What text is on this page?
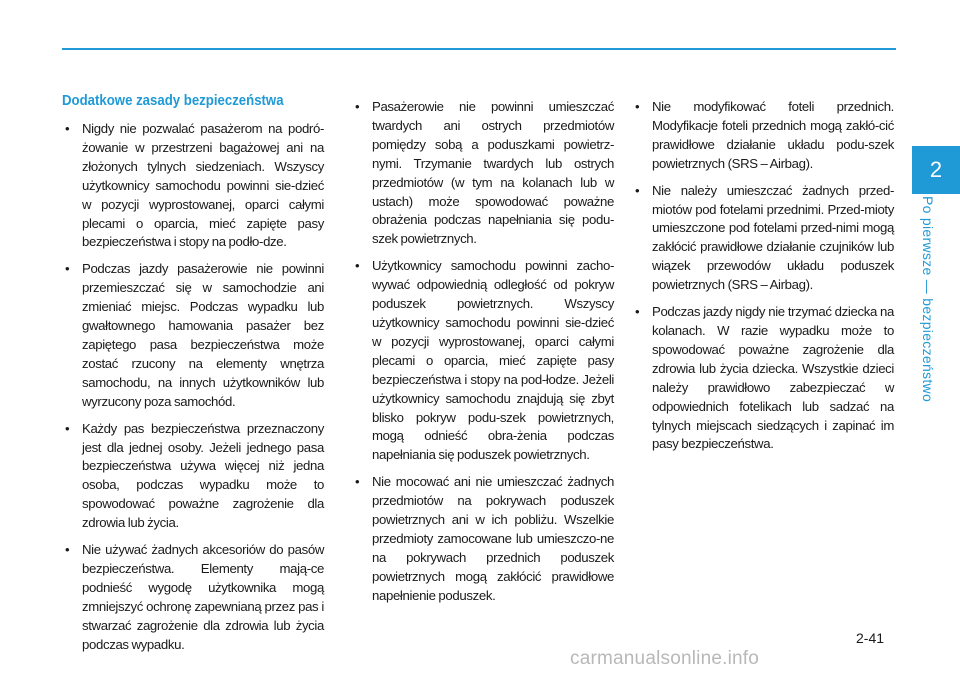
Dodatkowe zasady bezpieczeństwa
• Nigdy nie pozwalać pasażerom na podró-żowanie w przestrzeni bagażowej ani na złożonych tylnych siedzeniach. Wszyscy użytkownicy samochodu powinni sie-dzieć w pozycji wyprostowanej, oparci całymi plecami o oparcia, mieć zapięte pasy bezpieczeństwa i stopy na podło-dze.
• Podczas jazdy pasażerowie nie powinni przemieszczać się w samochodzie ani zmieniać miejsc. Podczas wypadku lub gwałtownego hamowania pasażer bez zapiętego pasa bezpieczeństwa może zostać rzucony na elementy wnętrza samochodu, na innych użytkowników lub wyrzucony poza samochód.
• Każdy pas bezpieczeństwa przeznaczony jest dla jednej osoby. Jeżeli jednego pasa bezpieczeństwa używa więcej niż jedna osoba, podczas wypadku może to spowodować poważne zagrożenie dla zdrowia lub życia.
• Nie używać żadnych akcesoriów do pasów bezpieczeństwa. Elementy mają-ce podnieść wygodę użytkownika mogą zmniejszyć ochronę zapewnianą przez pas i stwarzać zagrożenie dla zdrowia lub życia podczas wypadku.
• Pasażerowie nie powinni umieszczać twardych ani ostrych przedmiotów pomiędzy sobą a poduszkami powietrz-nymi. Trzymanie twardych lub ostrych przedmiotów (w tym na kolanach lub w ustach) może spowodować poważne obrażenia podczas napełniania się podu-szek powietrznych.
• Użytkownicy samochodu powinni zacho-wywać odpowiednią odległość od pokryw poduszek powietrznych. Wszyscy użytkownicy samochodu powinni sie-dzieć w pozycji wyprostowanej, oparci całymi plecami o oparcia, mieć zapięte pasy bezpieczeństwa i stopy na pod-łodze. Jeżeli użytkownicy samochodu znajdują się zbyt blisko pokryw podu-szek powietrznych, mogą odnieść obra-żenia podczas napełniania się poduszek powietrznych.
• Nie mocować ani nie umieszczać żadnych przedmiotów na pokrywach poduszek powietrznych ani w ich pobliżu. Wszelkie przedmioty zamocowane lub umieszczo-ne na pokrywach przednich poduszek powietrznych mogą zakłócić prawidłowe napełnienie poduszek.
• Nie modyfikować foteli przednich. Modyfikacje foteli przednich mogą zakłó-cić prawidłowe działanie układu podu-szek powietrznych (SRS – Airbag).
• Nie należy umieszczać żadnych przed-miotów pod fotelami przednimi. Przed-mioty umieszczone pod fotelami przed-nimi mogą zakłócić prawidłowe działanie czujników lub wiązek przewodów układu poduszek powietrznych (SRS – Airbag).
• Podczas jazdy nigdy nie trzymać dziecka na kolanach. W razie wypadku może to spowodować poważne zagrożenie dla zdrowia lub życia dziecka. Wszystkie dzieci należy prawidłowo zabezpieczać w odpowiednich fotelikach lub sadzać na tylnych miejscach siedzących i zapinać im pasy bezpieczeństwa.
2
Po pierwsze — bezpieczeństwo
2-41
carmanualsonline.info
